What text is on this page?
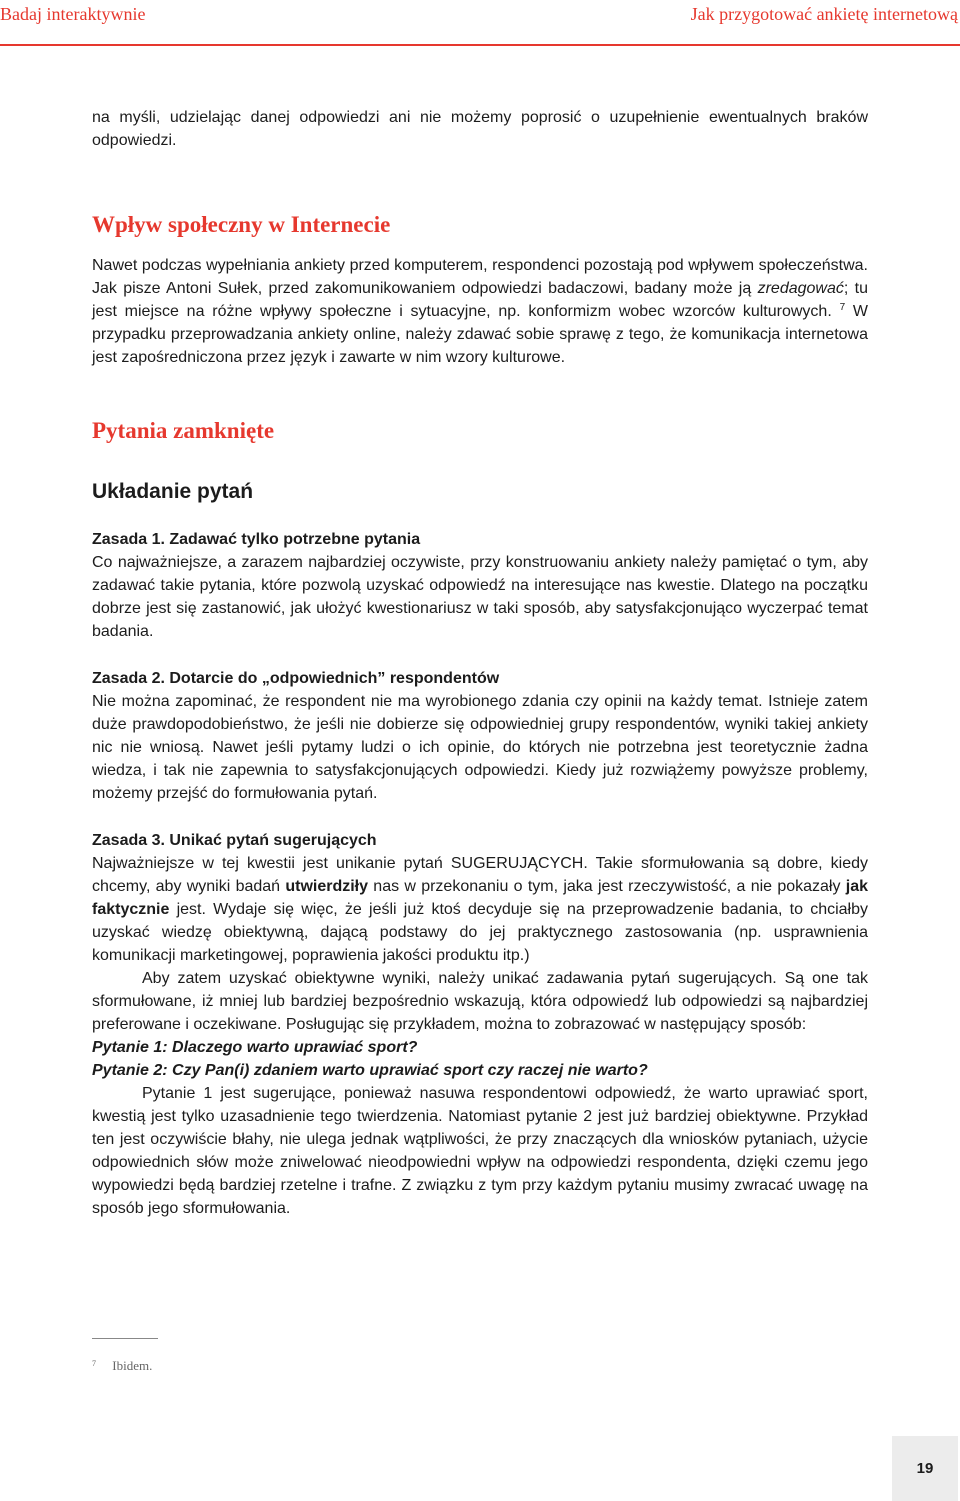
Badaj interaktywnie	Jak przygotować ankietę internetową

na myśli, udzielając danej odpowiedzi ani nie możemy poprosić o uzupełnienie ewentualnych braków odpowiedzi.

Wpływ społeczny w Internecie

Nawet podczas wypełniania ankiety przed komputerem, respondenci pozostają pod wpływem społeczeństwa. Jak pisze Antoni Sułek, przed zakomunikowaniem odpowiedzi badaczowi, badany może ją zredagować; tu jest miejsce na różne wpływy społeczne i sytuacyjne, np. konformizm wobec wzorców kulturowych. $^7$ W przypadku przeprowadzania ankiety online, należy zdawać sobie sprawę z tego, że komunikacja internetowa jest zapośredniczona przez język i zawarte w nim wzory kulturowe.

Pytania zamknięte
Układanie pytań

Zasada 1. Zadawać tylko potrzebne pytania

Co najważniejsze, a zarazem najbardziej oczywiste, przy konstruowaniu ankiety należy pamiętać o tym, aby zadawać takie pytania, które pozwolą uzyskać odpowiedź na interesujące nas kwestie. Dlatego na początku dobrze jest się zastanowić, jak ułożyć kwestionariusz w taki sposób, aby satysfakcjonująco wyczerpać temat badania.

Zasada 2. Dotarcie do „odpowiednich” respondentów

Nie można zapominać, że respondent nie ma wyrobionego zdania czy opinii na każdy temat. Istnieje zatem duże prawdopodobieństwo, że jeśli nie dobierze się odpowiedniej grupy respondentów, wyniki takiej ankiety nic nie wniosą. Nawet jeśli pytamy ludzi o ich opinie, do których nie potrzebna jest teoretycznie żadna wiedza, i tak nie zapewnia to satysfakcjonujących odpowiedzi. Kiedy już rozwiążemy powyższe problemy, możemy przejść do formułowania pytań.

Zasada 3. Unikać pytań sugerujących

Najważniejsze w tej kwestii jest unikanie pytań SUGERUJĄCYCH. Takie sformułowania są dobre, kiedy chcemy, aby wyniki badań utwierdziły nas w przekonaniu o tym, jaka jest rzeczywistość, a nie pokazały jak faktycznie jest. Wydaje się więc, że jeśli już ktoś decyduje się na przeprowadzenie badania, to chciałby uzyskać wiedzę obiektywną, dającą podstawy do jej praktycznego zastosowania (np. usprawnienia komunikacji marketingowej, poprawienia jakości produktu itp.)

Aby zatem uzyskać obiektywne wyniki, należy unikać zadawania pytań sugerujących. Są one tak sformułowane, iż mniej lub bardziej bezpośrednio wskazują, która odpowiedź lub odpowiedzi są najbardziej preferowane i oczekiwane. Posługując się przykładem, można to zobrazować w następujący sposób:

Pytanie 1: Dlaczego warto uprawiać sport?

Pytanie 2: Czy Pan(i) zdaniem warto uprawiać sport czy raczej nie warto?

Pytanie 1 jest sugerujące, ponieważ nasuwa respondentowi odpowiedź, że warto uprawiać sport, kwestią jest tylko uzasadnienie tego twierdzenia. Natomiast pytanie 2 jest już bardziej obiektywne. Przykład ten jest oczywiście błahy, nie ulega jednak wątpliwości, że przy znaczących dla wniosków pytaniach, użycie odpowiednich słów może zniwelować nieodpowiedni wpływ na odpowiedzi respondenta, dzięki czemu jego wypowiedzi będą bardziej rzetelne i trafne. Z związku z tym przy każdym pytaniu musimy zwracać uwagę na sposób jego sformułowania.

$^7$ Ibidem.
19
